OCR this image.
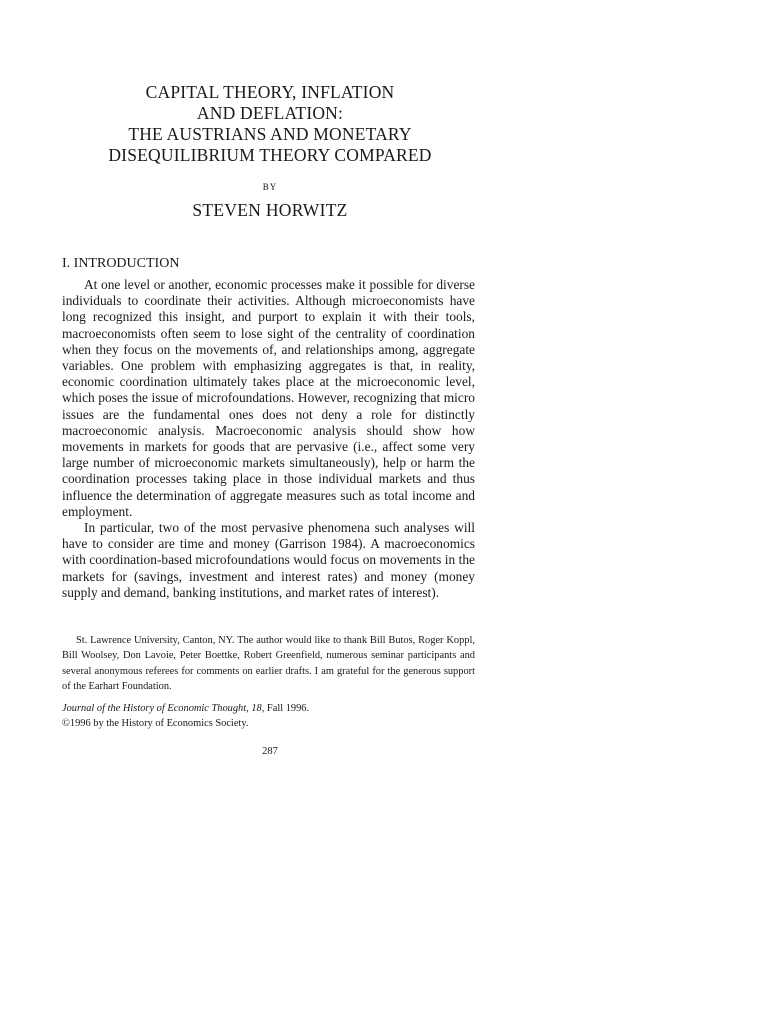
CAPITAL THEORY, INFLATION
AND DEFLATION:
THE AUSTRIANS AND MONETARY
DISEQUILIBRIUM THEORY COMPARED
BY
STEVEN HORWITZ
I. INTRODUCTION

At one level or another, economic processes make it possible for diverse individuals to coordinate their activities. Although microeconomists have long recognized this insight, and purport to explain it with their tools, macroeconomists often seem to lose sight of the centrality of coordination when they focus on the movements of, and relationships among, aggregate variables. One problem with emphasizing aggregates is that, in reality, economic coordination ultimately takes place at the microeconomic level, which poses the issue of microfoundations. However, recognizing that micro issues are the fundamental ones does not deny a role for distinctly macroeconomic analysis. Macroeconomic analysis should show how movements in markets for goods that are pervasive (i.e., affect some very large number of microeconomic markets simultaneously), help or harm the coordination processes taking place in those individual markets and thus influence the determination of aggregate measures such as total income and employment.

In particular, two of the most pervasive phenomena such analyses will have to consider are time and money (Garrison 1984). A macroeconomics with coordination-based microfoundations would focus on movements in the markets for (savings, investment and interest rates) and money (money supply and demand, banking institutions, and market rates of interest).

St. Lawrence University, Canton, NY. The author would like to thank Bill Butos, Roger Koppl, Bill Woolsey, Don Lavoie, Peter Boettke, Robert Greenfield, numerous seminar participants and several anonymous referees for comments on earlier drafts. I am grateful for the generous support of the Earhart Foundation.

Journal of the History of Economic Thought, 18, Fall 1996.
©1996 by the History of Economics Society.
287
